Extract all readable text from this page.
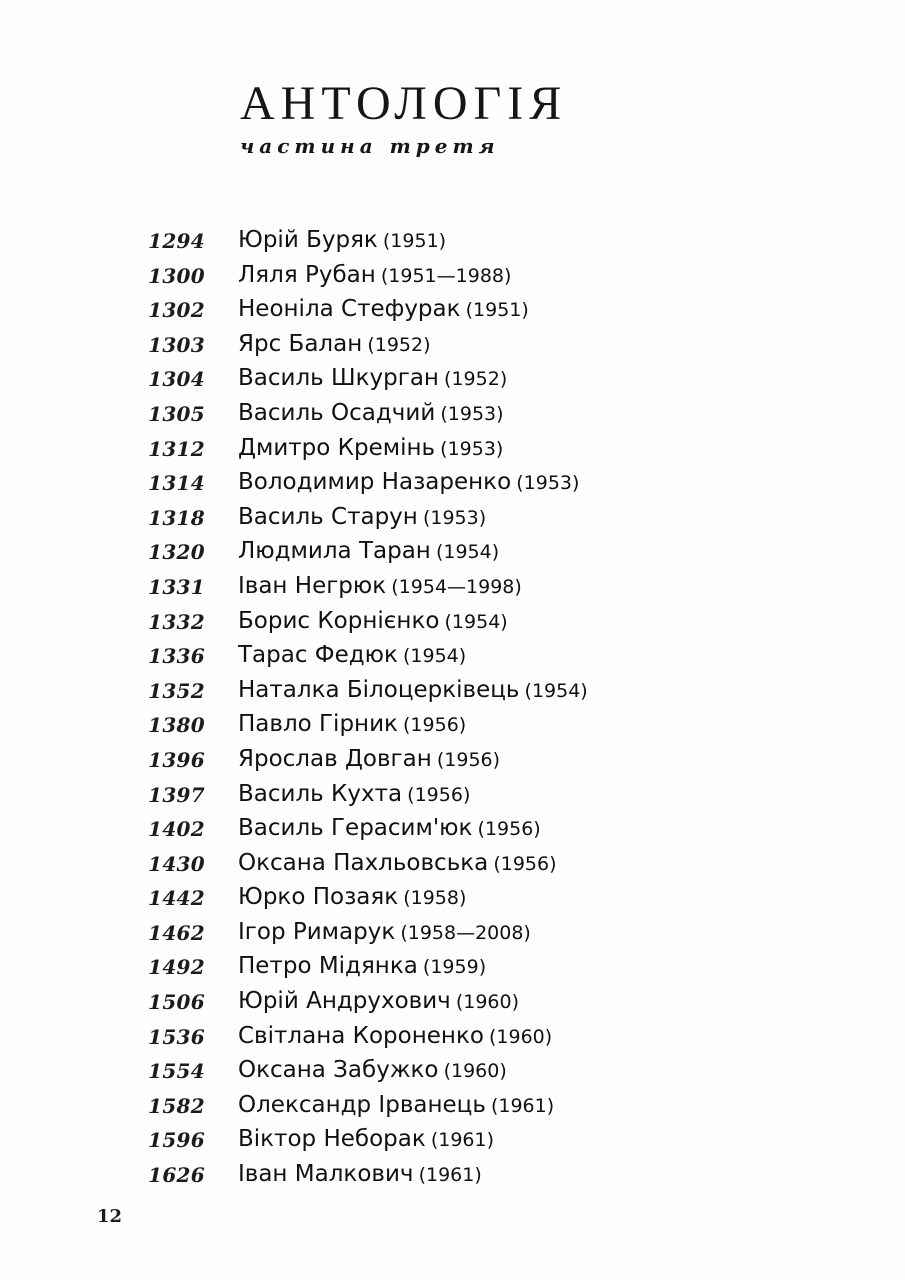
АНТОЛОГІЯ
частина третя
1294 Юрій Буряк (1951)
1300 Ляля Рубан (1951—1988)
1302 Неоніла Стефурак (1951)
1303 Ярс Балан (1952)
1304 Василь Шкурган (1952)
1305 Василь Осадчий (1953)
1312 Дмитро Кремінь (1953)
1314 Володимир Назаренко (1953)
1318 Василь Старун (1953)
1320 Людмила Таран (1954)
1331 Іван Негрюк (1954—1998)
1332 Борис Корнієнко (1954)
1336 Тарас Федюк (1954)
1352 Наталка Білоцерківець (1954)
1380 Павло Гірник (1956)
1396 Ярослав Довган (1956)
1397 Василь Кухта (1956)
1402 Василь Герасим'юк (1956)
1430 Оксана Пахльовська (1956)
1442 Юрко Позаяк (1958)
1462 Ігор Римарук (1958—2008)
1492 Петро Мідянка (1959)
1506 Юрій Андрухович (1960)
1536 Світлана Короненко (1960)
1554 Оксана Забужко (1960)
1582 Олександр Ірванець (1961)
1596 Віктор Неборак (1961)
1626 Іван Малкович (1961)
12
